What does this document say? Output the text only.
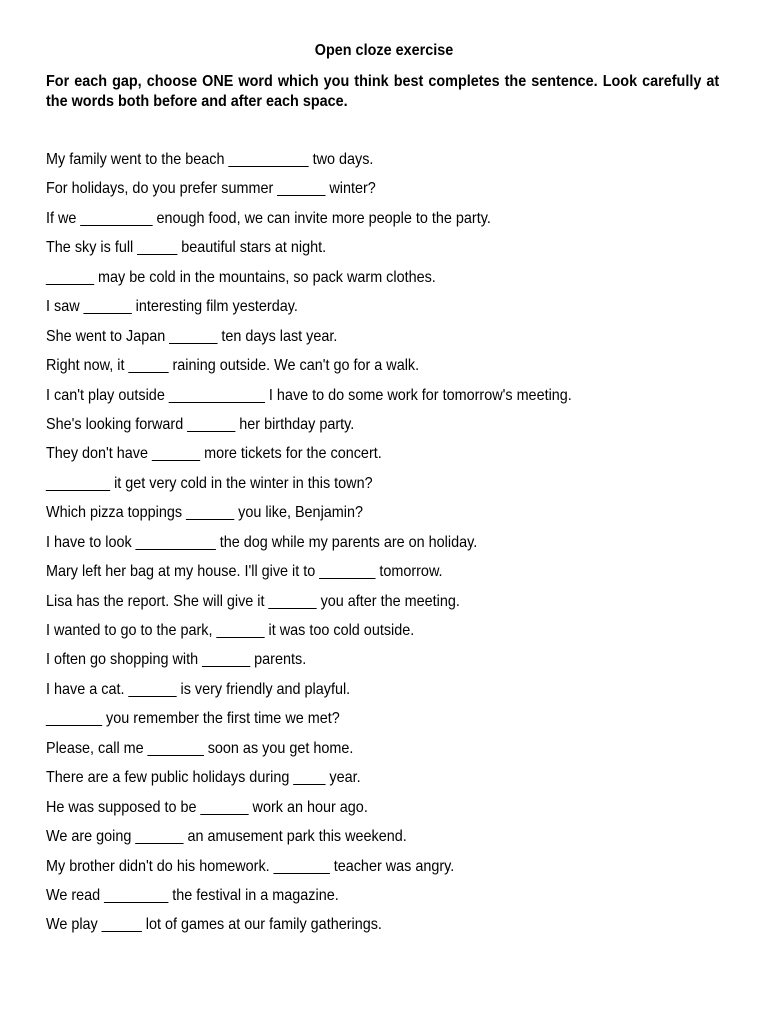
Open cloze exercise
For each gap, choose ONE word which you think best completes the sentence. Look carefully at the words both before and after each space.
My family went to the beach __________ two days.
For holidays, do you prefer summer ______ winter?
If we _________ enough food, we can invite more people to the party.
The sky is full _____ beautiful stars at night.
______ may be cold in the mountains, so pack warm clothes.
I saw ______ interesting film yesterday.
She went to Japan ______ ten days last year.
Right now, it _____ raining outside. We can't go for a walk.
I can't play outside ____________ I have to do some work for tomorrow's meeting.
She's looking forward ______ her birthday party.
They don't have ______ more tickets for the concert.
________ it get very cold in the winter in this town?
Which pizza toppings ______ you like, Benjamin?
I have to look __________ the dog while my parents are on holiday.
Mary left her bag at my house. I'll give it to _______ tomorrow.
Lisa has the report. She will give it ______ you after the meeting.
I wanted to go to the park, ______ it was too cold outside.
I often go shopping with ______ parents.
I have a cat. ______ is very friendly and playful.
_______ you remember the first time we met?
Please, call me _______ soon as you get home.
There are a few public holidays during ____ year.
He was supposed to be ______ work an hour ago.
We are going ______ an amusement park this weekend.
My brother didn't do his homework. _______ teacher was angry.
We read ________ the festival in a magazine.
We play _____ lot of games at our family gatherings.
